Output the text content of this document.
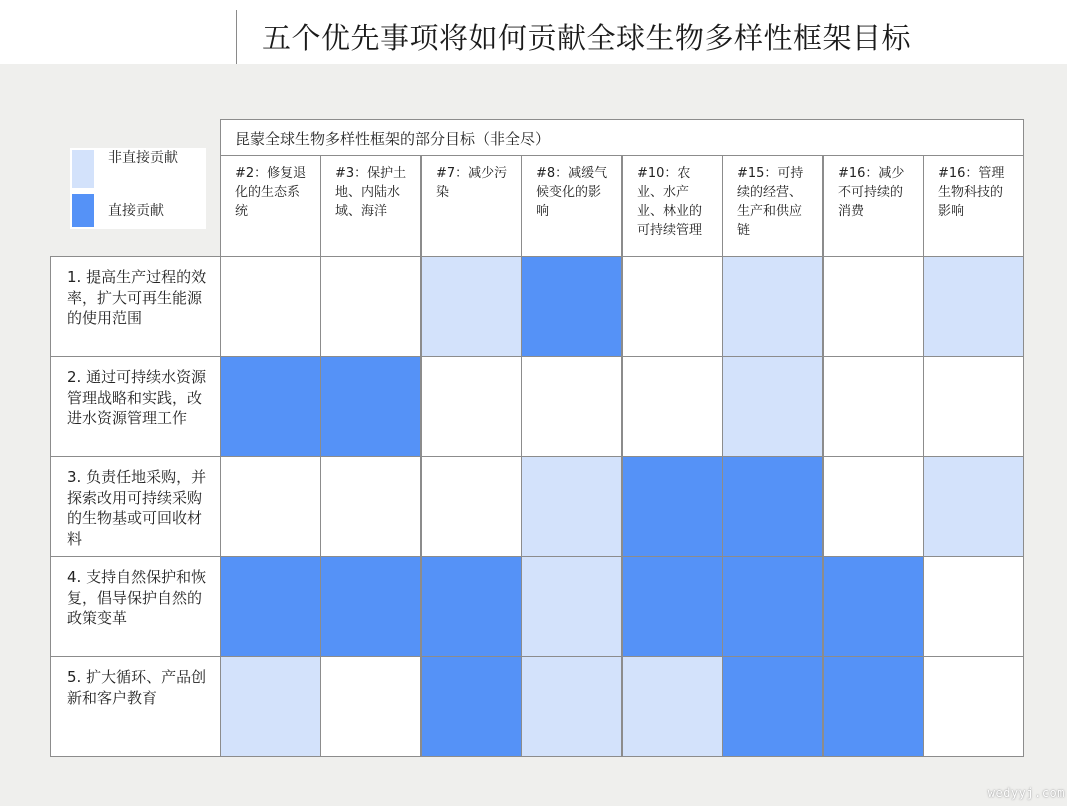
五个优先事项将如何贡献全球生物多样性框架目标
非直接贡献
直接贡献
昆蒙全球生物多样性框架的部分目标（非全尽）
#2：修复退化的生态系统
#3：保护土地、内陆水域、海洋
#7：减少污染
#8：减缓气候变化的影响
#10：农业、水产业、林业的可持续管理
#15：可持续的经营、生产和供应链
#16：减少不可持续的消费
#16：管理生物科技的影响
1. 提高生产过程的效率，扩大可再生能源的使用范围
2. 通过可持续水资源管理战略和实践，改进水资源管理工作
3. 负责任地采购，并探索改用可持续采购的生物基或可回收材料
4. 支持自然保护和恢复，倡导保护自然的政策变革
5. 扩大循环、产品创新和客户教育
wedyyj.com
